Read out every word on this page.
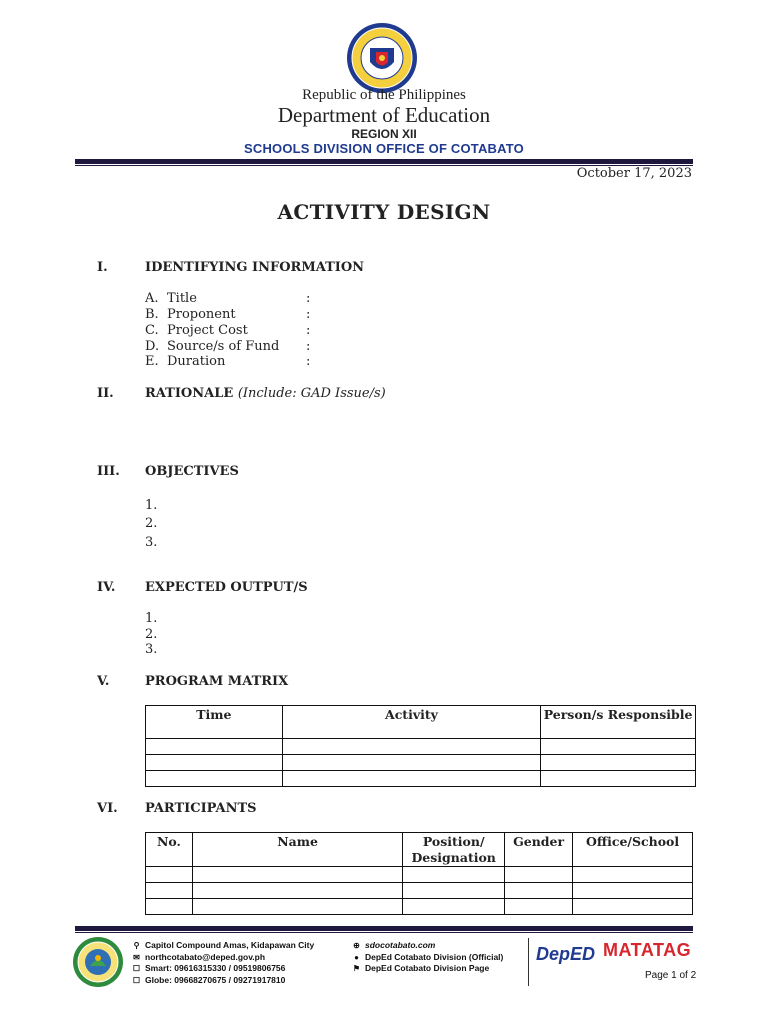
Republic of the Philippines
Department of Education
REGION XII
SCHOOLS DIVISION OFFICE OF COTABATO
October 17, 2023
ACTIVITY DESIGN
I.	IDENTIFYING INFORMATION
A. Title	:
B. Proponent	:
C. Project Cost	:
D. Source/s of Fund :
E. Duration	:
II. RATIONALE (Include: GAD Issue/s)
III. OBJECTIVES
1.
2.
3.
IV. EXPECTED OUTPUT/S
1.
2.
3.
V.	PROGRAM MATRIX
Time	Activity	Person/s Responsible

VI. PARTICIPANTS
No.	Name	Position/ Designation	Gender	Office/School

⚲ Capitol Compound Amas, Kidapawan City
✉ northcotabato@deped.gov.ph
☐ Smart: 09616315330 / 09519806756
☐ Globe: 09668270675 / 09271917810
⊕ sdocotabato.com
● DepEd Cotabato Division (Official)
⚑ DepEd Cotabato Division Page
DepED MATATAG
Page 1 of 2
